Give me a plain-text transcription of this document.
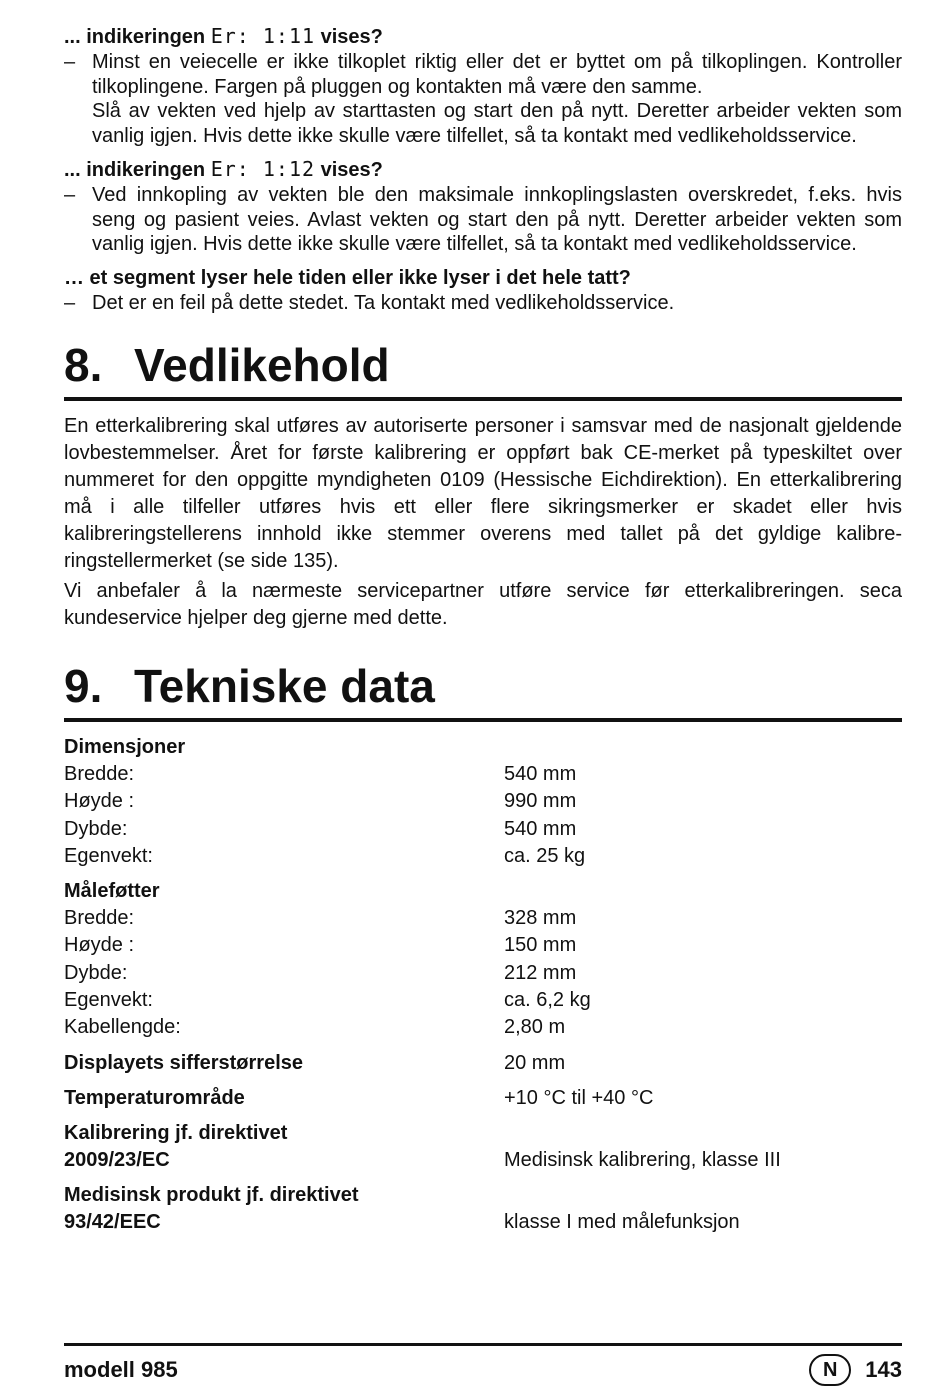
... indikeringen Er: 1:11 vises?

– Minst en veiecelle er ikke tilkoplet riktig eller det er byttet om på tilkoplingen. Kontroller tilkoplingene. Fargen på pluggen og kontakten må være den samme.

Slå av vekten ved hjelp av starttasten og start den på nytt. Deretter arbeider vekten som vanlig igjen. Hvis dette ikke skulle være tilfellet, så ta kontakt med vedlikeholdsservice.

... indikeringen Er: 1:12 vises?

– Ved innkopling av vekten ble den maksimale innkoplingslasten overskredet, f.eks. hvis seng og pasient veies. Avlast vekten og start den på nytt. Deretter arbeider vekten som vanlig igjen. Hvis dette ikke skulle være tilfellet, så ta kontakt med vedlikeholdsservice.

… et segment lyser hele tiden eller ikke lyser i det hele tatt?

– Det er en feil på dette stedet. Ta kontakt med vedlikeholdsservice.

8. Vedlikehold

En etterkalibrering skal utføres av autoriserte personer i samsvar med de nasjonalt gjeldende lovbestemmelser. Året for første kalibrering er oppført bak CE-merket på typeskiltet over nummeret for den oppgitte myndigheten 0109 (Hessische Eichdirektion). En etterkalibrering må i alle tilfeller utføres hvis ett eller flere sikringsmerker er skadet eller hvis kalibreringstellerens innhold ikke stemmer overens med tallet på det gyldige kalibreringstellermerket (se side 135).

Vi anbefaler å la nærmeste servicepartner utføre service før etterkalibreringen. seca kundeservice hjelper deg gjerne med dette.

9. Tekniske data

Dimensjoner

Bredde:	540 mm
Høyde :	990 mm
Dybde:	540 mm
Egenvekt:	ca. 25 kg

Måleføtter

Bredde:	328 mm
Høyde :	150 mm
Dybde:	212 mm
Egenvekt:	ca. 6,2 kg
Kabellengde:	2,80 m
Displayets sifferstørrelse	20 mm
Temperaturområde	+10 °C til +40 °C
Kalibrering jf. direktivet
2009/23/EC	Medisinsk kalibrering, klasse III
Medisinsk produkt jf. direktivet
93/42/EEC	klasse I med målefunksjon
modell 985	N	143
